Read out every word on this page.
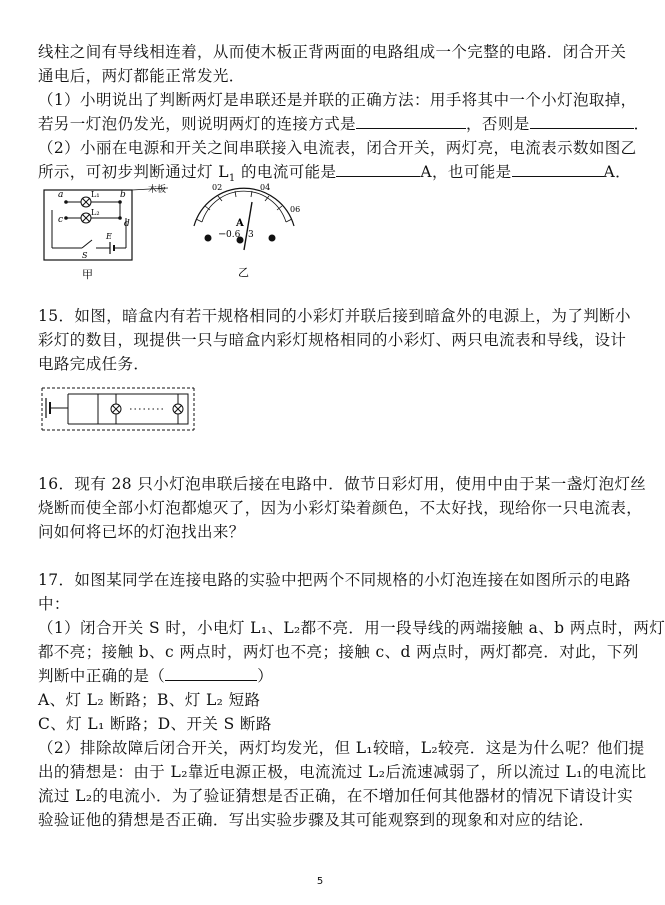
线柱之间有导线相连着，从而使木板正背两面的电路组成一个完整的电路．闭合开关
通电后，两灯都能正常发光．
（1）小明说出了判断两灯是串联还是并联的正确方法：用手将其中一个小灯泡取掉，
若另一灯泡仍发光，则说明两灯的连接方式是	，否则是	．
（2）小丽在电源和开关之间串联接入电流表，闭合开关，两灯亮，电流表示数如图乙
所示，可初步判断通过灯 $L_1$ 的电流可能是	A，也可能是	A．
a	b
c	d
L₁
L₂
E
S
木板
甲
02	04
06
A
− 0.6 3
乙
15．如图，暗盒内有若干规格相同的小彩灯并联后接到暗盒外的电源上，为了判断小
彩灯的数目，现提供一只与暗盒内彩灯规格相同的小彩灯、两只电流表和导线，设计
电路完成任务．
16．现有 28 只小灯泡串联后接在电路中．做节日彩灯用，使用中由于某一盏灯泡灯丝
烧断而使全部小灯泡都熄灭了，因为小彩灯染着颜色，不太好找，现给你一只电流表，
问如何将已坏的灯泡找出来？
17．如图某同学在连接电路的实验中把两个不同规格的小灯泡连接在如图所示的电路
中：
（1）闭合开关 S 时，小电灯 L₁、L₂都不亮．用一段导线的两端接触 a、b 两点时，两灯
都不亮；接触 b、c 两点时，两灯也不亮；接触 c、d 两点时，两灯都亮．对此，下列
判断中正确的是（	）
A、灯 L₂ 断路；B、灯 L₂ 短路
C、灯 L₁ 断路；D、开关 S 断路
（2）排除故障后闭合开关，两灯均发光，但 L₁较暗，L₂较亮．这是为什么呢？他们提
出的猜想是：由于 L₂靠近电源正极，电流流过 L₂后流速减弱了，所以流过 L₁的电流比
流过 L₂的电流小．为了验证猜想是否正确，在不增加任何其他器材的情况下请设计实
验验证他的猜想是否正确．写出实验步骤及其可能观察到的现象和对应的结论．
5
